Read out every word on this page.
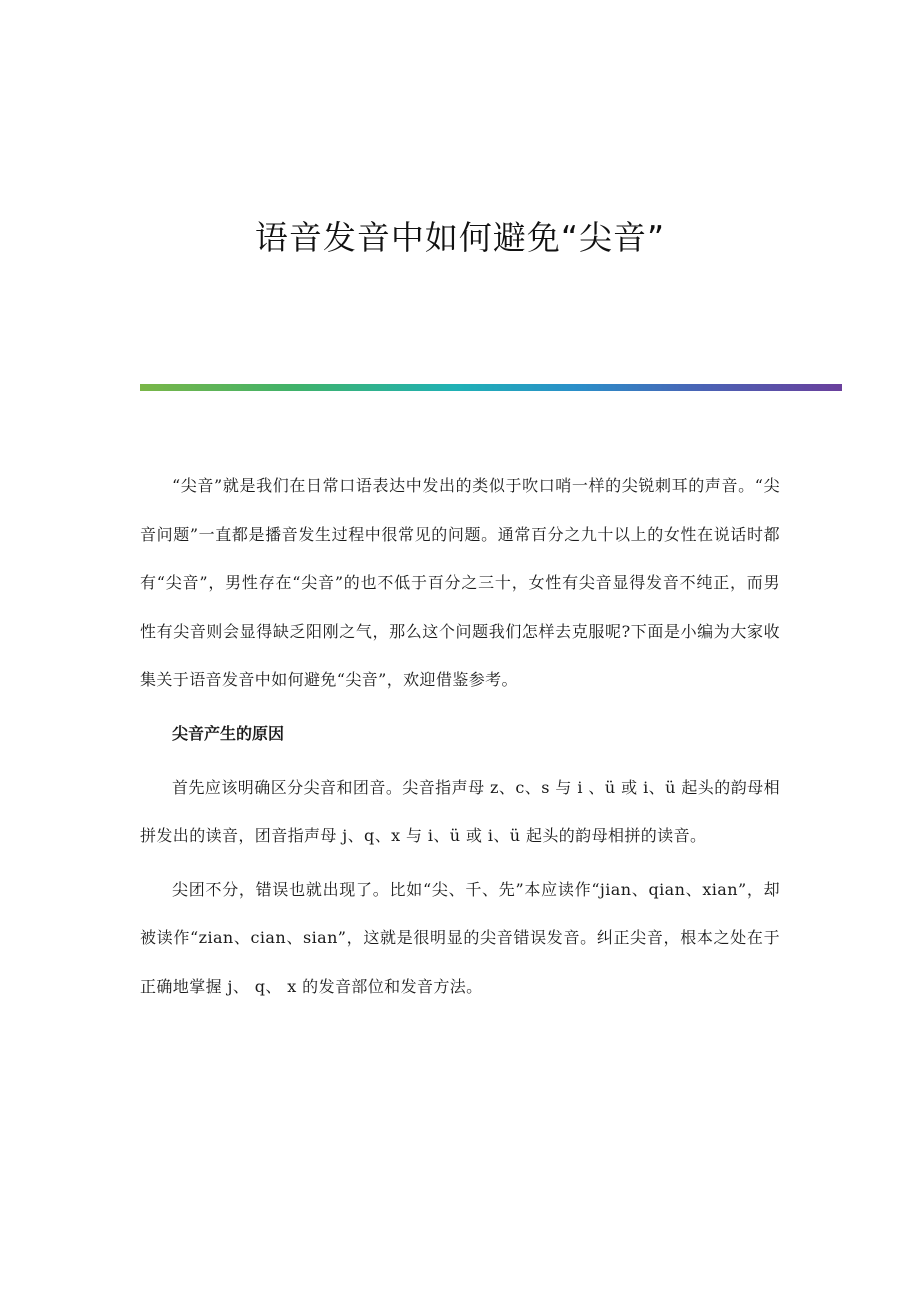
语音发音中如何避免“尖音”

“尖音”就是我们在日常口语表达中发出的类似于吹口哨一样的尖锐刺耳的声音。“尖音问题”一直都是播音发生过程中很常见的问题。通常百分之九十以上的女性在说话时都有“尖音”，男性存在“尖音”的也不低于百分之三十，女性有尖音显得发音不纯正，而男性有尖音则会显得缺乏阳刚之气，那么这个问题我们怎样去克服呢?下面是小编为大家收集关于语音发音中如何避免“尖音”，欢迎借鉴参考。

尖音产生的原因

首先应该明确区分尖音和团音。尖音指声母 z、c、s 与 i 、ü 或 i、ü 起头的韵母相拼发出的读音，团音指声母 j、q、x 与 i、ü 或 i、ü 起头的韵母相拼的读音。

尖团不分，错误也就出现了。比如“尖、千、先”本应读作“jian、qian、xian”，却被读作“zian、cian、sian”，这就是很明显的尖音错误发音。纠正尖音，根本之处在于正确地掌握 j、 q、 x 的发音部位和发音方法。
